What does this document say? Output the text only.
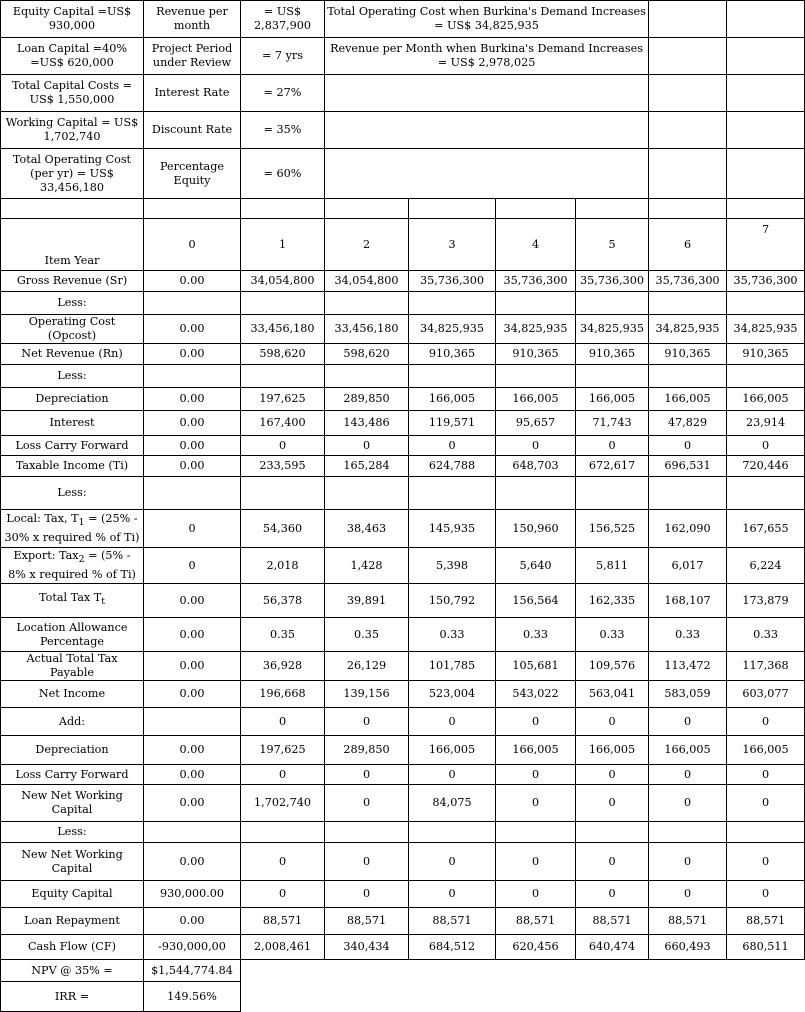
Equity Capital =US$ 930,000	Revenue per month	= US$ 2,837,900	Total Operating Cost when Burkina's Demand Increases = US$ 34,825,935					
Loan Capital =40% =US$ 620,000	Project Period under Review	= 7 yrs	Revenue per Month when Burkina's Demand Increases = US$ 2,978,025					
Total Capital Costs = US$ 1,550,000	Interest Rate	= 27%						
Working Capital = US$ 1,702,740	Discount Rate	= 35%						
Total Operating Cost (per yr) = US$ 33,456,180	Percentage Equity	= 60%						

Item Year	0	1	2	3	4	5	6	7
Gross Revenue (Sr)	0.00	34,054,800	34,054,800	35,736,300	35,736,300	35,736,300	35,736,300	35,736,300
Less:								
Operating Cost (Opcost)	0.00	33,456,180	33,456,180	34,825,935	34,825,935	34,825,935	34,825,935	34,825,935
Net Revenue (Rn)	0.00	598,620	598,620	910,365	910,365	910,365	910,365	910,365
Less:								
Depreciation	0.00	197,625	289,850	166,005	166,005	166,005	166,005	166,005
Interest	0.00	167,400	143,486	119,571	95,657	71,743	47,829	23,914
Loss Carry Forward	0.00	0	0	0	0	0	0	0
Taxable Income (Ti)	0.00	233,595	165,284	624,788	648,703	672,617	696,531	720,446
Less:								
Local: Tax, $T_1 = (25\% - 30\%$ x required % of Ti)	0	54,360	38,463	145,935	150,960	156,525	162,090	167,655
Export: Tax$_2$ = (5% - 8% x required % of Ti)	0	2,018	1,428	5,398	5,640	5,811	6,017	6,224
Total Tax $T_t$	0.00	56,378	39,891	150,792	156,564	162,335	168,107	173,879
Location Allowance Percentage	0.00	0.35	0.35	0.33	0.33	0.33	0.33	0.33
Actual Total Tax Payable	0.00	36,928	26,129	101,785	105,681	109,576	113,472	117,368
Net Income	0.00	196,668	139,156	523,004	543,022	563,041	583,059	603,077
Add:		0	0	0	0	0	0	0
Depreciation	0.00	197,625	289,850	166,005	166,005	166,005	166,005	166,005
Loss Carry Forward	0.00	0	0	0	0	0	0	0
New Net Working Capital	0.00	1,702,740	0	84,075	0	0	0	0
Less:								
New Net Working Capital	0.00	0	0	0	0	0	0	0
Equity Capital	930,000.00	0	0	0	0	0	0	0
Loan Repayment	0.00	88,571	88,571	88,571	88,571	88,571	88,571	88,571
Cash Flow (CF)	-930,000,00	2,008,461	340,434	684,512	620,456	640,474	660,493	680,511
NPV @ 35% =	$1,544,774.84							
IRR =	149.56%							
